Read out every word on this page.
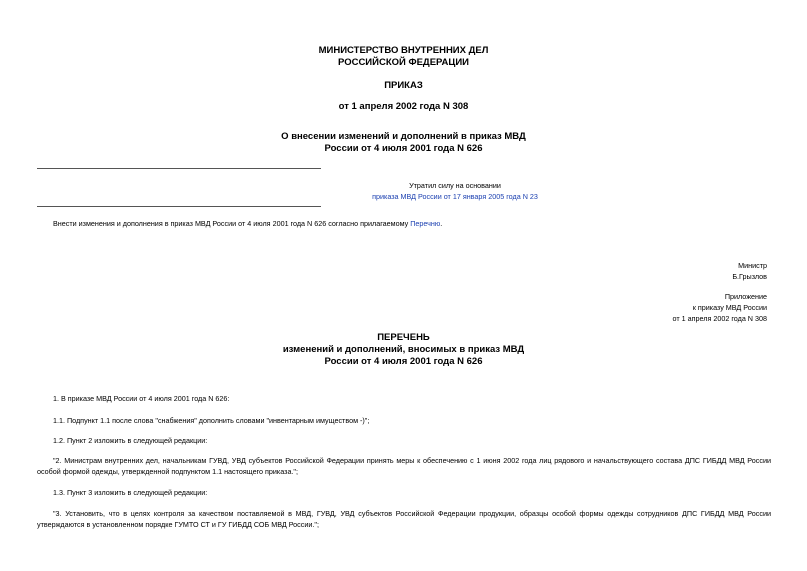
МИНИСТЕРСТВО ВНУТРЕННИХ ДЕЛ
РОССИЙСКОЙ ФЕДЕРАЦИИ
ПРИКАЗ
от 1 апреля 2002 года N 308
О внесении изменений и дополнений в приказ МВД
России от 4 июля 2001 года N 626
Утратил силу на основании
приказа МВД России от 17 января 2005 года N 23
Внести изменения и дополнения в приказ МВД России от 4 июля 2001 года N 626 согласно прилагаемому Перечню.
Министр
Б.Грызлов
Приложение
к приказу МВД России
от 1 апреля 2002 года N 308
ПЕРЕЧЕНЬ
изменений и дополнений, вносимых в приказ МВД
России от 4 июля 2001 года N 626
1. В приказе МВД России от 4 июля 2001 года N 626:
1.1. Подпункт 1.1 после слова "снабжения" дополнить словами "инвентарным имуществом -)";
1.2. Пункт 2 изложить в следующей редакции:
"2. Министрам внутренних дел, начальникам ГУВД, УВД субъектов Российской Федерации принять меры к обеспечению с 1 июня 2002 года лиц рядового и начальствующего состава ДПС ГИБДД МВД России особой формой одежды, утвержденной подпунктом 1.1 настоящего приказа.";
1.3. Пункт 3 изложить в следующей редакции:
"3. Установить, что в целях контроля за качеством поставляемой в МВД, ГУВД, УВД субъектов Российской Федерации продукции, образцы особой формы одежды сотрудников ДПС ГИБДД МВД России утверждаются в установленном порядке ГУМТО СТ и ГУ ГИБДД СОБ МВД России.";
